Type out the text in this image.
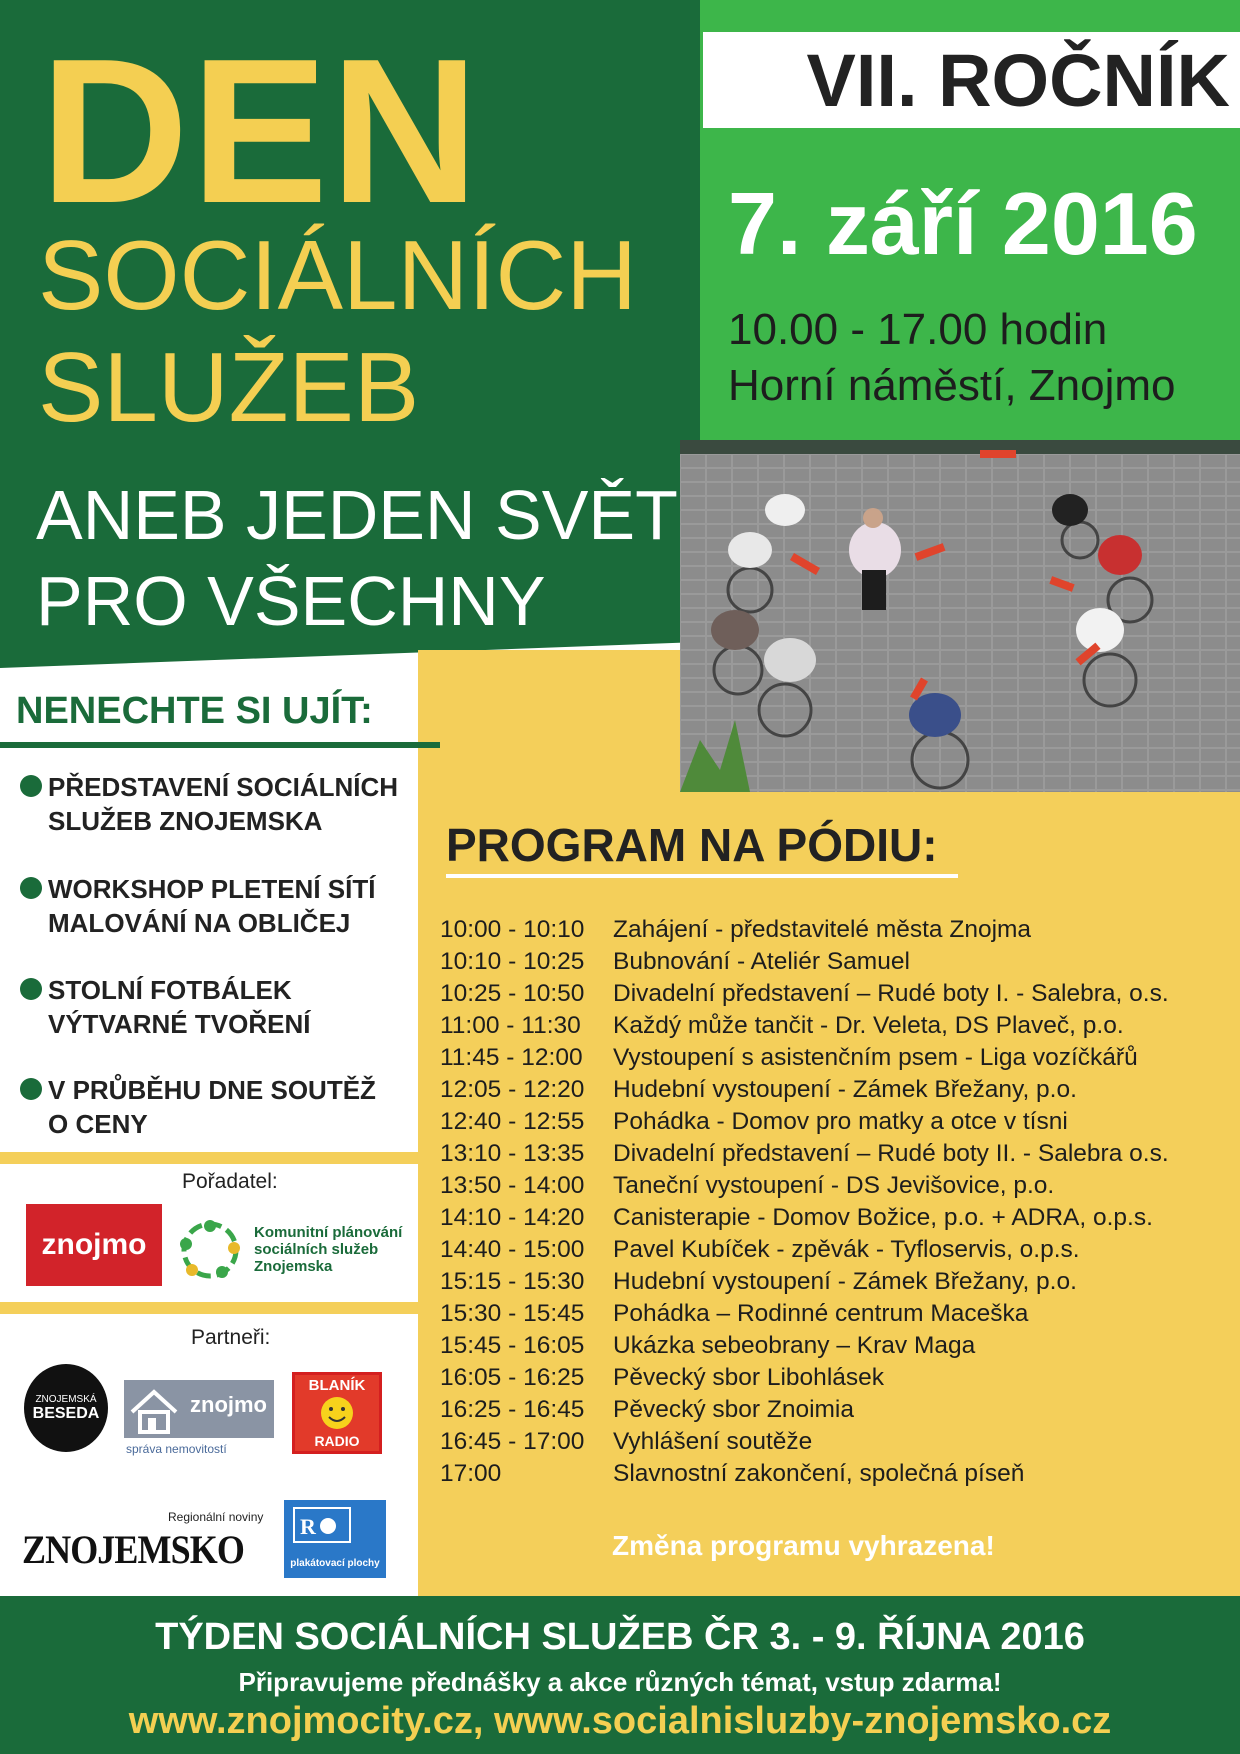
DEN
SOCIÁLNÍCH
SLUŽEB
ANEB JEDEN SVĚT
PRO VŠECHNY
VII. ROČNÍK
7. září 2016
10.00 - 17.00 hodin
Horní náměstí, Znojmo
NENECHTE SI UJÍT:
PŘEDSTAVENÍ SOCIÁLNÍCH
SLUŽEB ZNOJEMSKA
WORKSHOP PLETENÍ SÍTÍ
MALOVÁNÍ NA OBLIČEJ
STOLNÍ FOTBÁLEK
VÝTVARNÉ TVOŘENÍ
V PRŮBĚHU DNE SOUTĚŽ
O CENY
Pořadatel:
znojmo	Komunitní plánování
sociálních služeb
Znojemska
Partneři:
ZNOJEMSKÁ
BESEDA	znojmo
správa nemovitostí
BLANÍK
RADIO
Regionální noviny
ZNOJEMSKO
R
plakátovací plochy
PROGRAM NA PÓDIU:
10:00 - 10:10 Zahájení - představitelé města Znojma
10:10 - 10:25 Bubnování - Ateliér Samuel
10:25 - 10:50 Divadelní představení – Rudé boty I. - Salebra, o.s.
11:00 - 11:30 Každý může tančit - Dr. Veleta, DS Plaveč, p.o.
11:45 - 12:00 Vystoupení s asistenčním psem - Liga vozíčkářů
12:05 - 12:20 Hudební vystoupení - Zámek Břežany, p.o.
12:40 - 12:55 Pohádka - Domov pro matky a otce v tísni
13:10 - 13:35 Divadelní představení – Rudé boty II. - Salebra o.s.
13:50 - 14:00 Taneční vystoupení - DS Jevišovice, p.o.
14:10 - 14:20 Canisterapie - Domov Božice, p.o. + ADRA, o.p.s.
14:40 - 15:00 Pavel Kubíček - zpěvák - Tyfloservis, o.p.s.
15:15 - 15:30 Hudební vystoupení - Zámek Břežany, p.o.
15:30 - 15:45 Pohádka – Rodinné centrum Maceška
15:45 - 16:05 Ukázka sebeobrany – Krav Maga
16:05 - 16:25 Pěvecký sbor Libohlásek
16:25 - 16:45 Pěvecký sbor Znoimia
16:45 - 17:00 Vyhlášení soutěže
17:00	Slavnostní zakončení, společná píseň
Změna programu vyhrazena!
TÝDEN SOCIÁLNÍCH SLUŽEB ČR 3. - 9. ŘÍJNA 2016
Připravujeme přednášky a akce různých témat, vstup zdarma!
www.znojmocity.cz, www.socialnisluzby-znojemsko.cz
